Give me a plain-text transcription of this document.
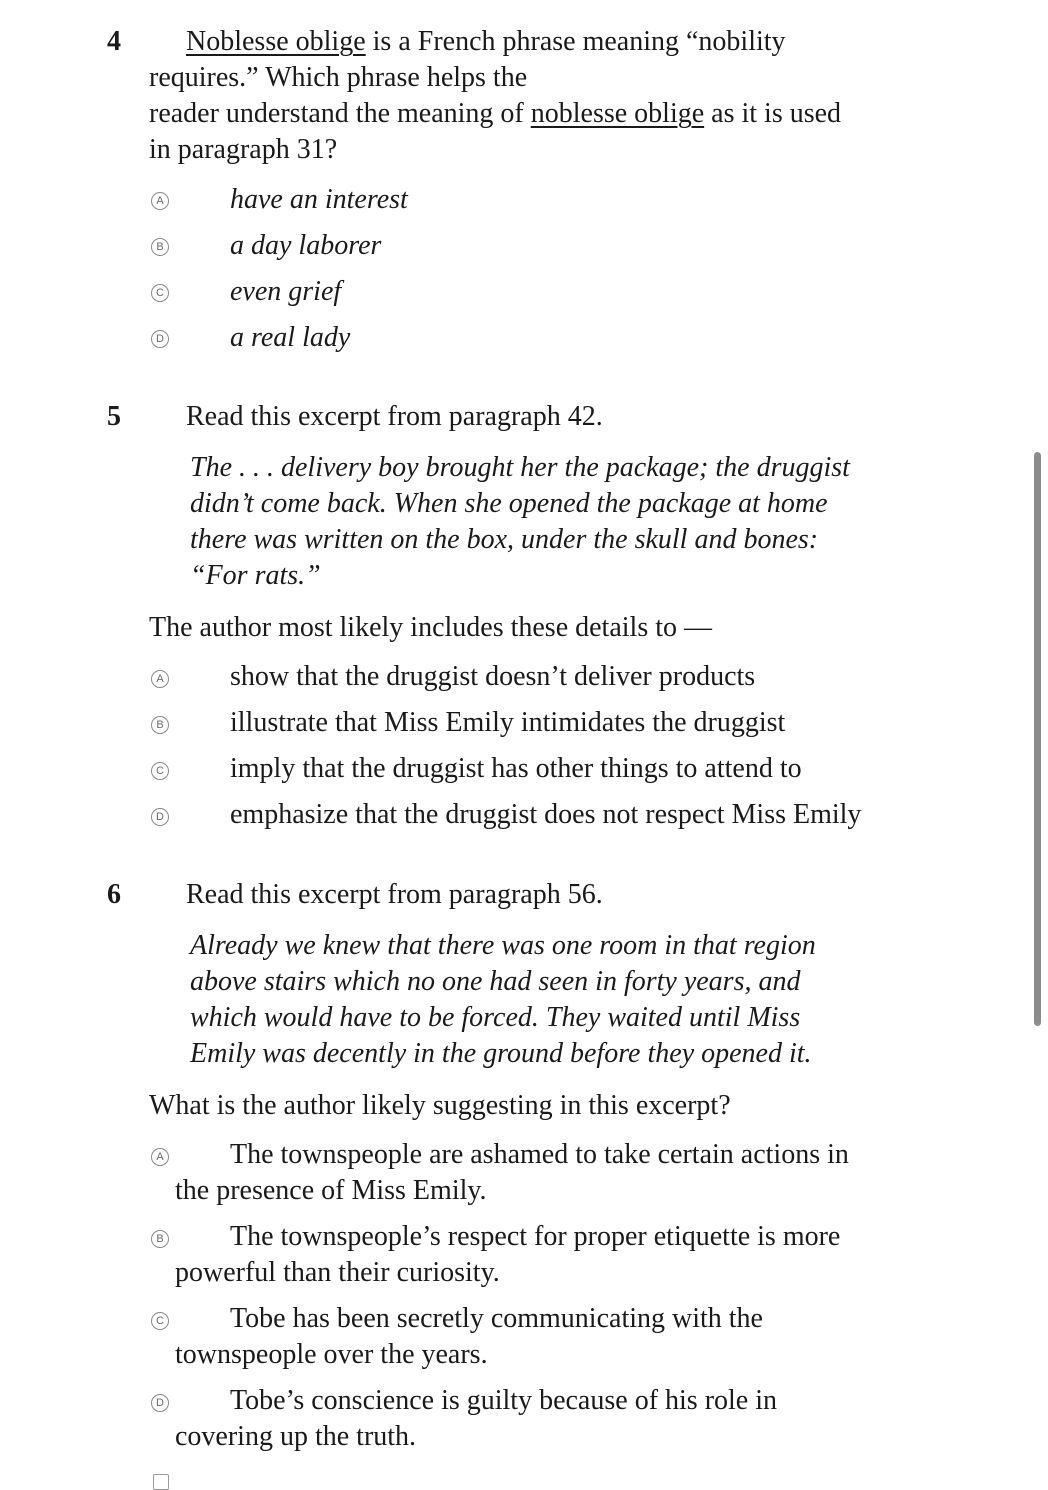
4 Noblesse oblige is a French phrase meaning “nobility
requires.” Which phrase helps the
reader understand the meaning of noblesse oblige as it is used
in paragraph 31?
A have an interest
B a day laborer
C even grief
D a real lady
5 Read this excerpt from paragraph 42.
The . . . delivery boy brought her the package; the druggist
didn’t come back. When she opened the package at home
there was written on the box, under the skull and bones:
“For rats.”
The author most likely includes these details to —
A show that the druggist doesn’t deliver products
B illustrate that Miss Emily intimidates the druggist
C imply that the druggist has other things to attend to
D emphasize that the druggist does not respect Miss Emily
6 Read this excerpt from paragraph 56.
Already we knew that there was one room in that region
above stairs which no one had seen in forty years, and
which would have to be forced. They waited until Miss
Emily was decently in the ground before they opened it.
What is the author likely suggesting in this excerpt?
A The townspeople are ashamed to take certain actions in
the presence of Miss Emily.
B The townspeople’s respect for proper etiquette is more
powerful than their curiosity.
C Tobe has been secretly communicating with the
townspeople over the years.
D Tobe’s conscience is guilty because of his role in
covering up the truth.
